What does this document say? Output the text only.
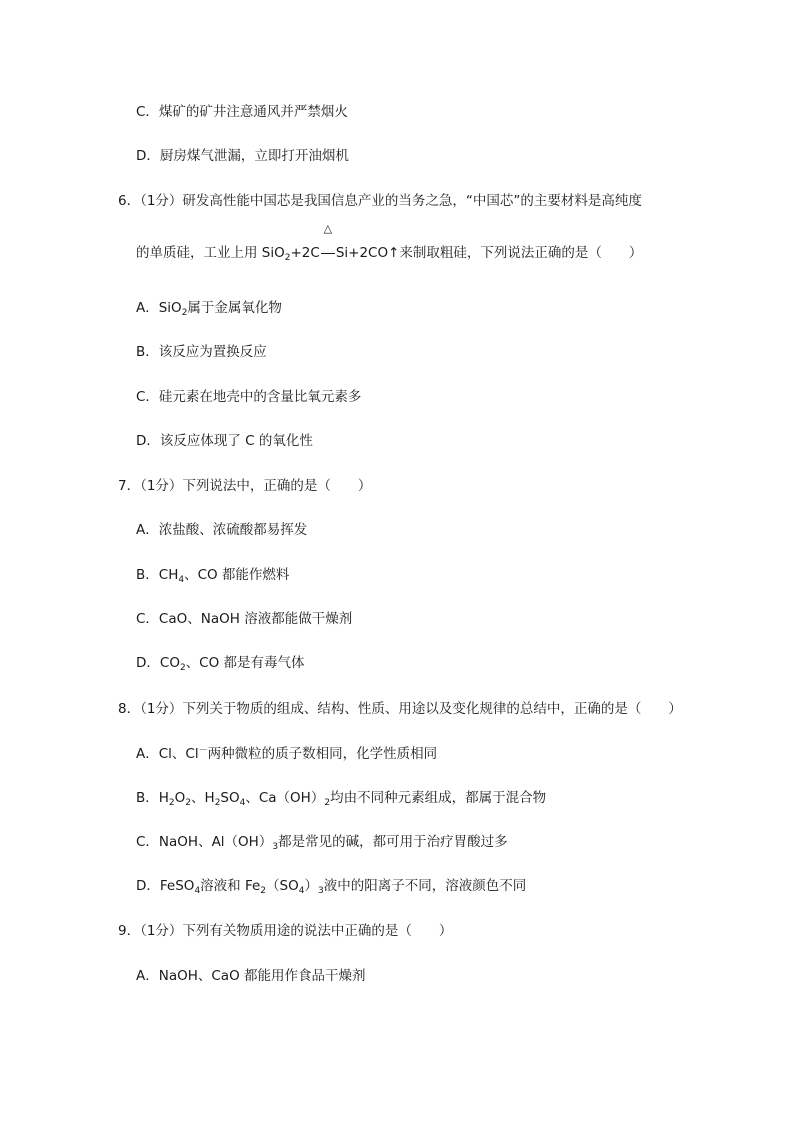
C．煤矿的矿井注意通风并严禁烟火
D．厨房煤气泄漏，立即打开油烟机
6．（1分）研发高性能中国芯是我国信息产业的当务之急，“中国芯”的主要材料是高纯度
的单质硅，工业上用 SiO$_2$+2C
△
Si+2CO↑来制取粗硅，下列说法正确的是（　　）
A．SiO$_2$属于金属氧化物
B．该反应为置换反应
C．硅元素在地壳中的含量比氧元素多
D．该反应体现了 C 的氧化性
7．（1分）下列说法中，正确的是（　　）
A．浓盐酸、浓硫酸都易挥发
B．$CH_4$、CO 都能作燃料
C．CaO、NaOH 溶液都能做干燥剂
D．$CO_2$、CO 都是有毒气体
8．（1分）下列关于物质的组成、结构、性质、用途以及变化规律的总结中，正确的是（　　）
A．Cl、Cl－两种微粒的质子数相同，化学性质相同
B．$H_2O_2$、$H_2SO_4$、$Ca(OH)_2$均由不同种元素组成，都属于混合物
C．NaOH、$Al(OH)_3$都是常见的碱，都可用于治疗胃酸过多
D．FeSO$_4$溶液和 $Fe_2(SO_4)_3$液中的阳离子不同，溶液颜色不同
9．（1分）下列有关物质用途的说法中正确的是（　　）
A．NaOH、CaO 都能用作食品干燥剂
